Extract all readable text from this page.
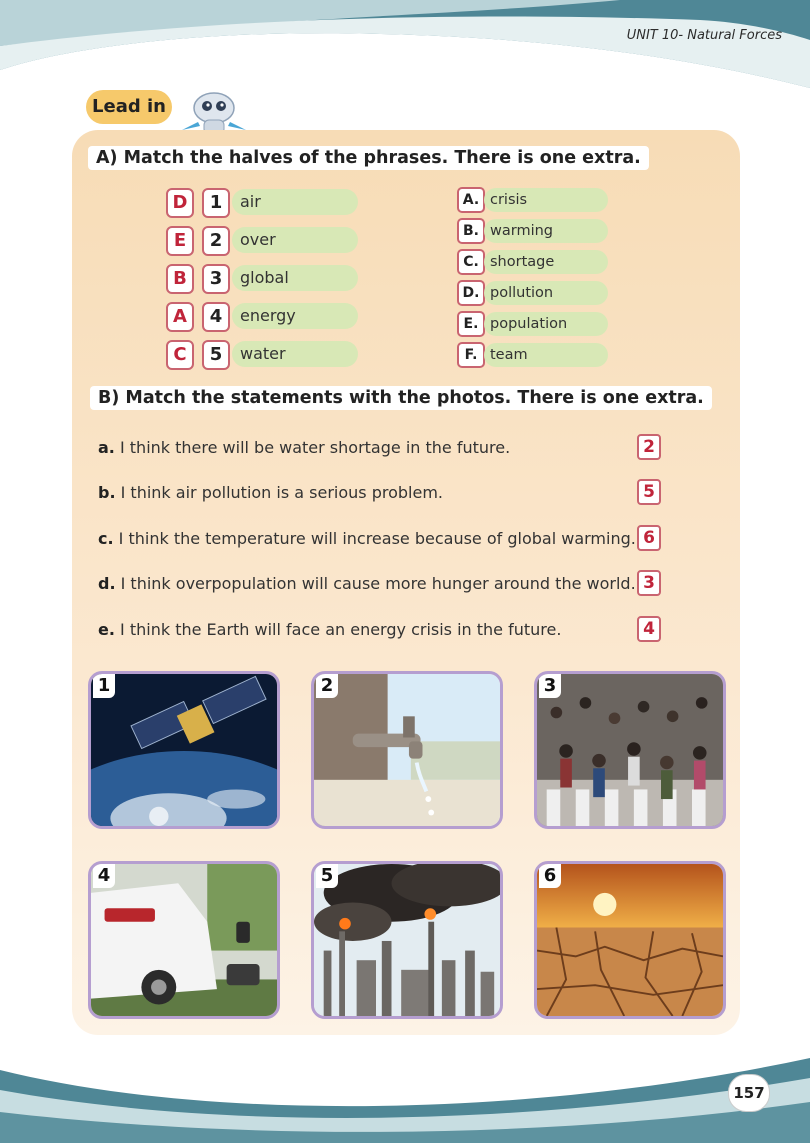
UNIT 10- Natural Forces
Lead in
A) Match the halves of the phrases. There is one extra.
D	1	air
E	2	over
B	3	global
A	4	energy
C	5	water
A. crisis
B. warming
C. shortage
D. pollution
E. population
F. team
B) Match the statements with the photos. There is one extra.
a. I think there will be water shortage in the future.	2
b. I think air pollution is a serious problem.	5
c. I think the temperature will increase because of global warming. 6
d. I think overpopulation will cause more hunger around the world. 3
e. I think the Earth will face an energy crisis in the future.	4
1	2	3
4	5	6
157
